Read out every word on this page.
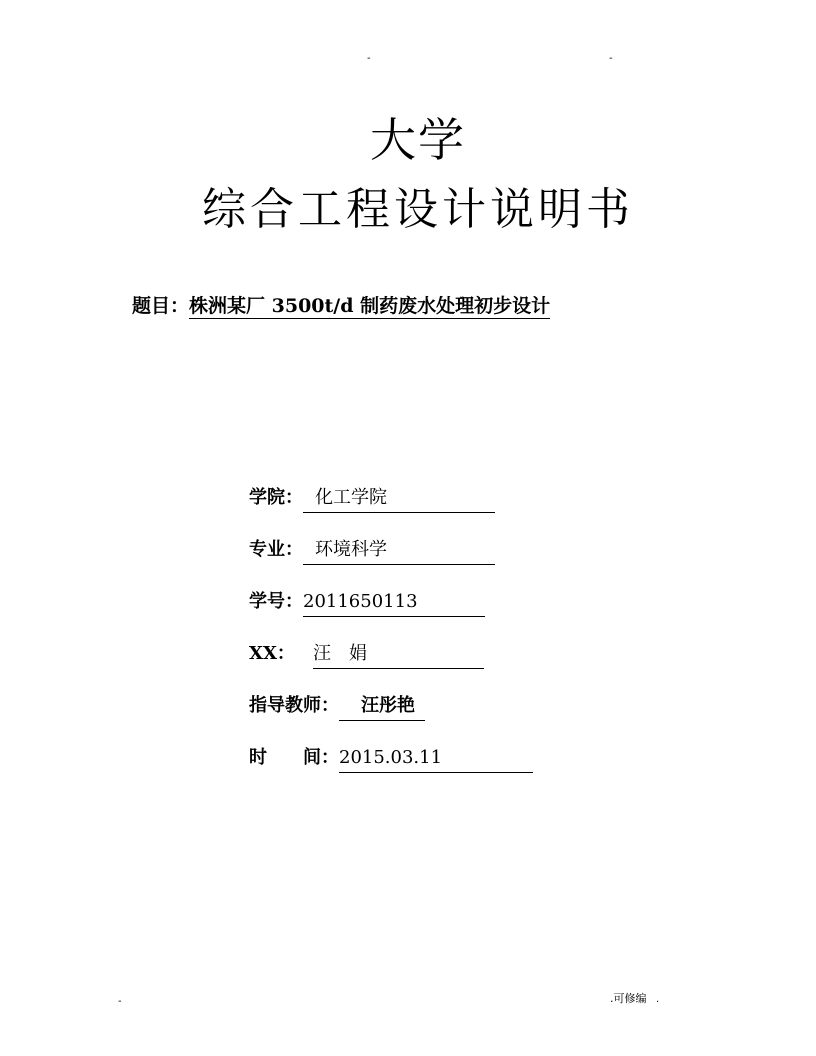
-	-
大学
综合工程设计说明书
题目：株洲某厂 3500t/d 制药废水处理初步设计
学院： 化工学院
专业： 环境科学
学号：2011650113
XX： 汪　娟
指导教师： 汪彤艳
时　　间：2015.03.11
-	.可修编 .
